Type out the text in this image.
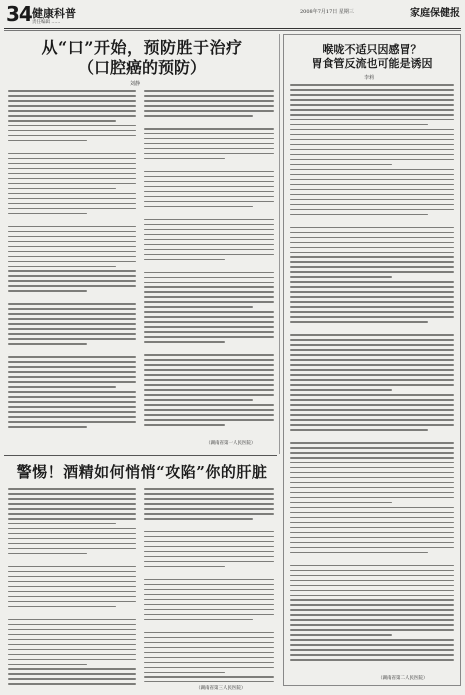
34 健康科普
责任编辑 ……
2008年7月17日 星期三	家庭保健报
从“口”开始，预防胜于治疗
（口腔癌的预防）
刘静
（湖南省第一人民医院）
喉咙不适只因感冒？
胃食管反流也可能是诱因
李莉
（湖南省第二人民医院）
警惕！酒精如何悄悄“攻陷”你的肝脏
（湖南省第三人民医院）
